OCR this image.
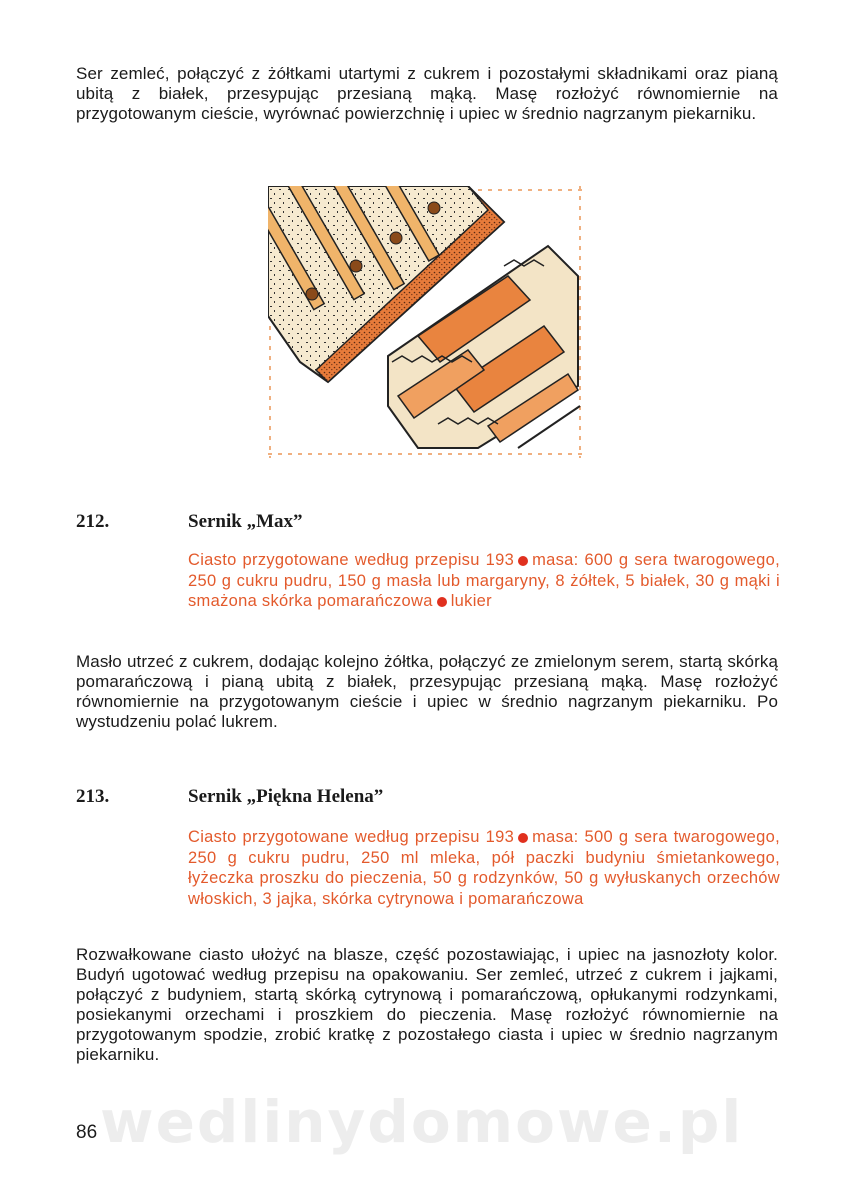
Ser zemleć, połączyć z żółtkami utartymi z cukrem i pozostałymi składnikami oraz pianą ubitą z białek, przesypując przesianą mąką. Masę rozłożyć równomiernie na przygotowanym cieście, wyrównać powierzchnię i upiec w średnio nagrzanym piekarniku.

212.	Sernik „Max”

Ciasto przygotowane według przepisu 193 masa: 600 g sera twarogowego, 250 g cukru pudru, 150 g masła lub margaryny, 8 żółtek, 5 białek, 30 g mąki i smażona skórka pomarańczowa lukier

Masło utrzeć z cukrem, dodając kolejno żółtka, połączyć ze zmielonym serem, startą skórką pomarańczową i pianą ubitą z białek, przesypując przesianą mąką. Masę rozłożyć równomiernie na przygotowanym cieście i upiec w średnio nagrzanym piekarniku. Po wystudzeniu polać lukrem.

213.	Sernik „Piękna Helena”

Ciasto przygotowane według przepisu 193 masa: 500 g sera twarogowego, 250 g cukru pudru, 250 ml mleka, pół paczki budyniu śmietankowego, łyżeczka proszku do pieczenia, 50 g rodzynków, 50 g wyłuskanych orzechów włoskich, 3 jajka, skórka cytrynowa i pomarańczowa

Rozwałkowane ciasto ułożyć na blasze, część pozostawiając, i upiec na jasnozłoty kolor. Budyń ugotować według przepisu na opakowaniu. Ser zemleć, utrzeć z cukrem i jajkami, połączyć z budyniem, startą skórką cytrynową i pomarańczową, opłukanymi rodzynkami, posiekanymi orzechami i proszkiem do pieczenia. Masę rozłożyć równomiernie na przygotowanym spodzie, zrobić kratkę z pozostałego ciasta i upiec w średnio nagrzanym piekarniku.

wedlinydomowe.pl
86
